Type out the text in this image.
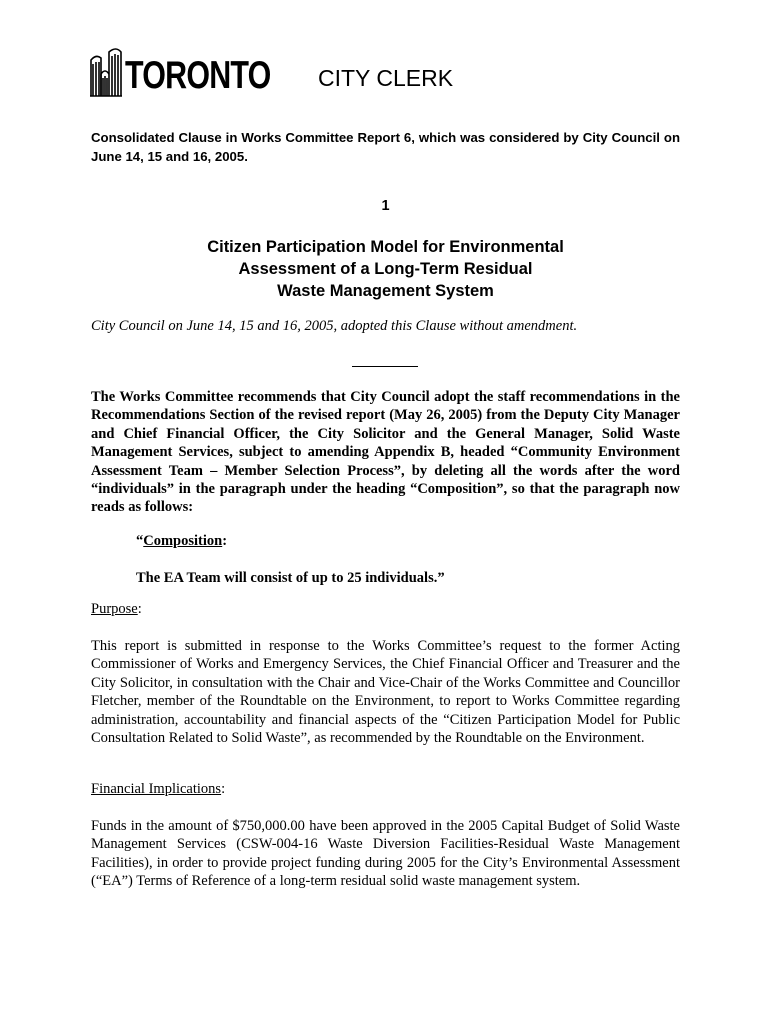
TORONTO CITY CLERK
Consolidated Clause in Works Committee Report 6, which was considered by City Council on June 14, 15 and 16, 2005.
1
Citizen Participation Model for Environmental
Assessment of a Long-Term Residual
Waste Management System
City Council on June 14, 15 and 16, 2005, adopted this Clause without amendment.

The Works Committee recommends that City Council adopt the staff recommendations in the Recommendations Section of the revised report (May 26, 2005) from the Deputy City Manager and Chief Financial Officer, the City Solicitor and the General Manager, Solid Waste Management Services, subject to amending Appendix B, headed “Community Environment Assessment Team – Member Selection Process”, by deleting all the words after the word “individuals” in the paragraph under the heading “Composition”, so that the paragraph now reads as follows:

“Composition:
The EA Team will consist of up to 25 individuals.”
Purpose:

This report is submitted in response to the Works Committee’s request to the former Acting Commissioner of Works and Emergency Services, the Chief Financial Officer and Treasurer and the City Solicitor, in consultation with the Chair and Vice-Chair of the Works Committee and Councillor Fletcher, member of the Roundtable on the Environment, to report to Works Committee regarding administration, accountability and financial aspects of the “Citizen Participation Model for Public Consultation Related to Solid Waste”, as recommended by the Roundtable on the Environment.

Financial Implications:

Funds in the amount of $750,000.00 have been approved in the 2005 Capital Budget of Solid Waste Management Services (CSW-004-16 Waste Diversion Facilities-Residual Waste Management Facilities), in order to provide project funding during 2005 for the City’s Environmental Assessment (“EA”) Terms of Reference of a long-term residual solid waste management system.
